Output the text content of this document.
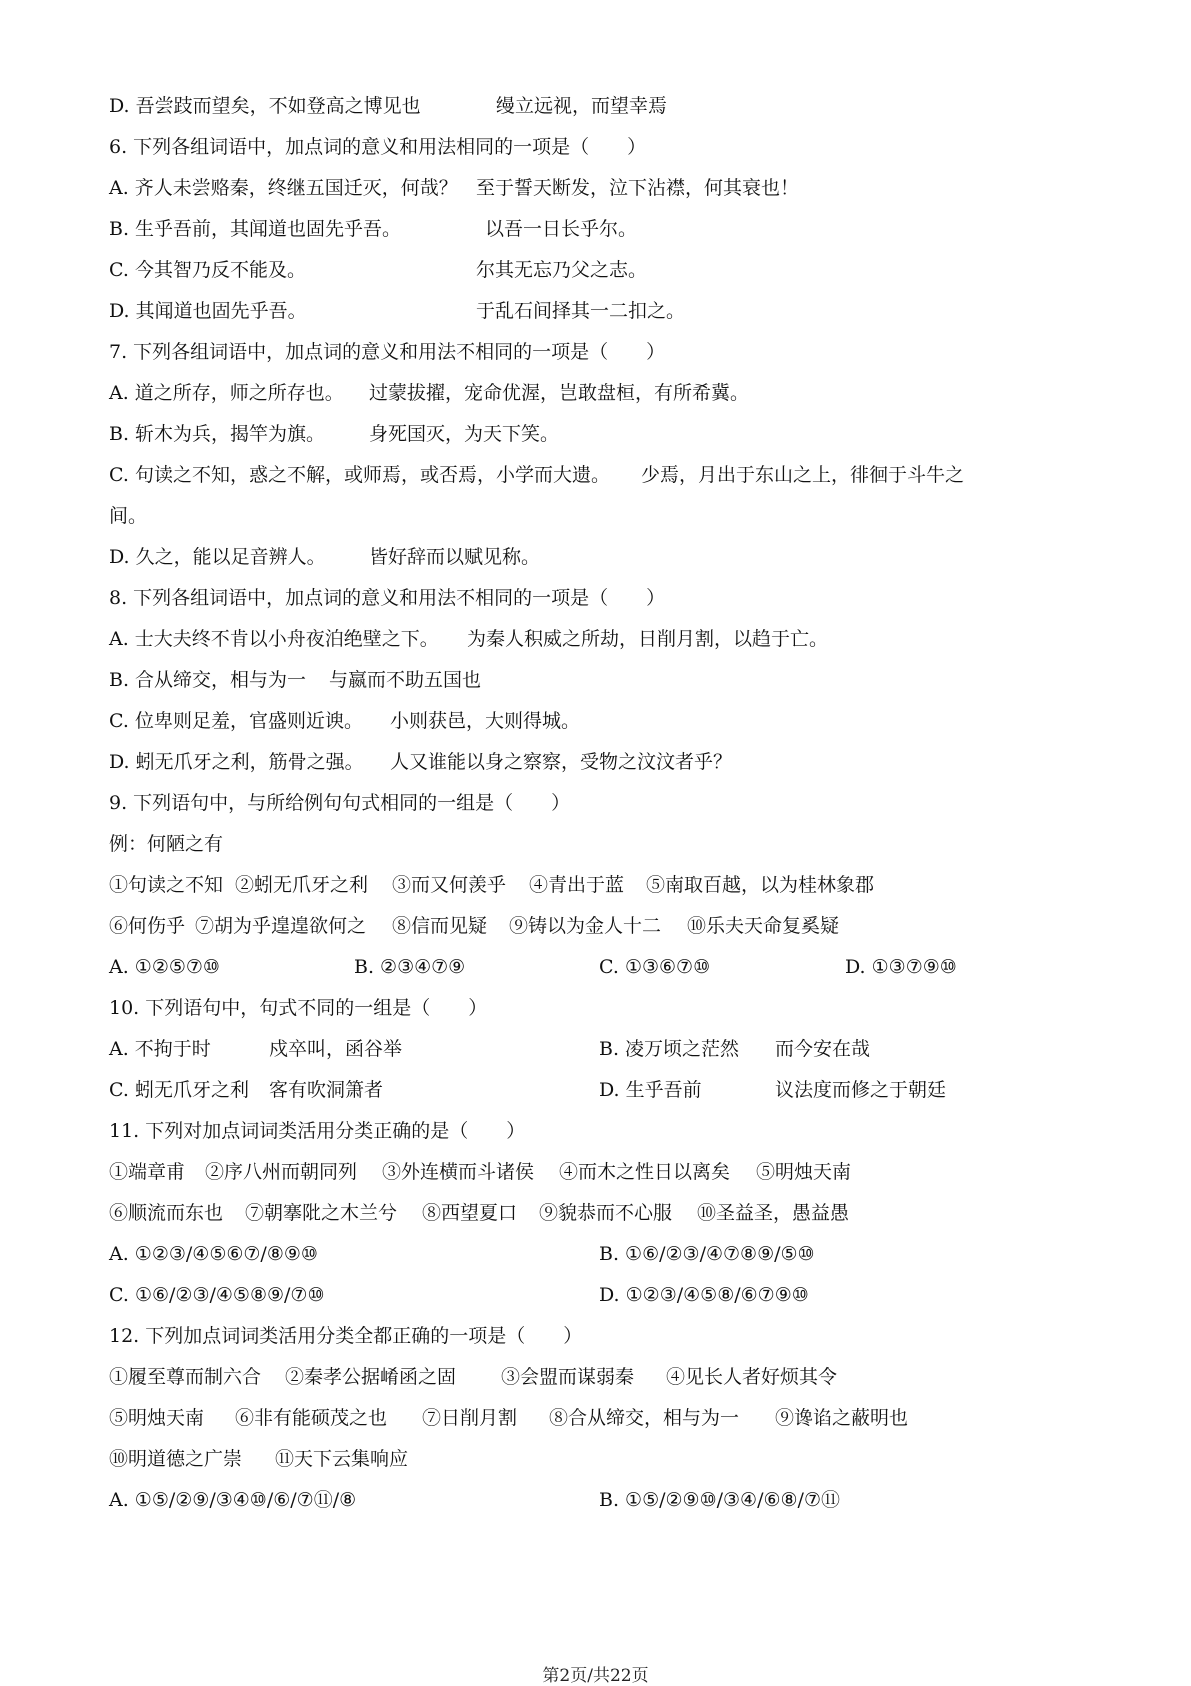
D. 吾尝跂而望矣，不如登高之博见也	缦立远视，而望幸焉
6. 下列各组词语中，加点词的意义和用法相同的一项是（　　）
A. 齐人未尝赂秦，终继五国迁灭，何哉？ 至于誓天断发，泣下沾襟，何其衰也！
B. 生乎吾前，其闻道也固先乎吾。	以吾一日长乎尔。
C. 今其智乃反不能及。	尔其无忘乃父之志。
D. 其闻道也固先乎吾。	于乱石间择其一二扣之。
7. 下列各组词语中，加点词的意义和用法不相同的一项是（　　）
A. 道之所存，师之所存也。 过蒙拔擢，宠命优渥，岂敢盘桓，有所希冀。
B. 斩木为兵，揭竿为旗。 身死国灭，为天下笑。
C. 句读之不知，惑之不解，或师焉，或否焉，小学而大遗。 少焉，月出于东山之上，徘徊于斗牛之
间。
D. 久之，能以足音辨人。 皆好辞而以赋见称。
8. 下列各组词语中，加点词的意义和用法不相同的一项是（　　）
A. 士大夫终不肯以小舟夜泊绝壁之下。 为秦人积威之所劫，日削月割，以趋于亡。
B. 合从缔交，相与为一 与嬴而不助五国也
C. 位卑则足羞，官盛则近谀。 小则获邑，大则得城。
D. 蚓无爪牙之利，筋骨之强。 人又谁能以身之察察，受物之汶汶者乎？
9. 下列语句中，与所给例句句式相同的一组是（　　）
例：何陋之有
①句读之不知 ②蚓无爪牙之利 ③而又何羡乎 ④青出于蓝 ⑤南取百越，以为桂林象郡
⑥何伤乎 ⑦胡为乎遑遑欲何之 ⑧信而见疑 ⑨铸以为金人十二 ⑩乐夫天命复奚疑
A. ①②⑤⑦⑩	B. ②③④⑦⑨	C. ①③⑥⑦⑩	D. ①③⑦⑨⑩
10. 下列语句中，句式不同的一组是（　　）
A. 不拘于时	戍卒叫，函谷举	B. 凌万顷之茫然 而今安在哉
C. 蚓无爪牙之利 客有吹洞箫者	D. 生乎吾前	议法度而修之于朝廷
11. 下列对加点词词类活用分类正确的是（　　）
①端章甫 ②序八州而朝同列 ③外连横而斗诸侯 ④而木之性日以离矣 ⑤明烛天南
⑥顺流而东也 ⑦朝搴阰之木兰兮 ⑧西望夏口 ⑨貌恭而不心服 ⑩圣益圣，愚益愚
A. ①②③/④⑤⑥⑦/⑧⑨⑩	B. ①⑥/②③/④⑦⑧⑨/⑤⑩
C. ①⑥/②③/④⑤⑧⑨/⑦⑩	D. ①②③/④⑤⑧/⑥⑦⑨⑩
12. 下列加点词词类活用分类全都正确的一项是（　　）
①履至尊而制六合 ②秦孝公据崤函之固 ③会盟而谋弱秦 ④见长人者好烦其令
⑤明烛天南 ⑥非有能硕茂之也 ⑦日削月割 ⑧合从缔交，相与为一 ⑨谗谄之蔽明也
⑩明道德之广崇 ⑪天下云集响应
A. ①⑤/②⑨/③④⑩/⑥/⑦⑪/⑧	B. ①⑤/②⑨⑩/③④/⑥⑧/⑦⑪
第2页/共22页
